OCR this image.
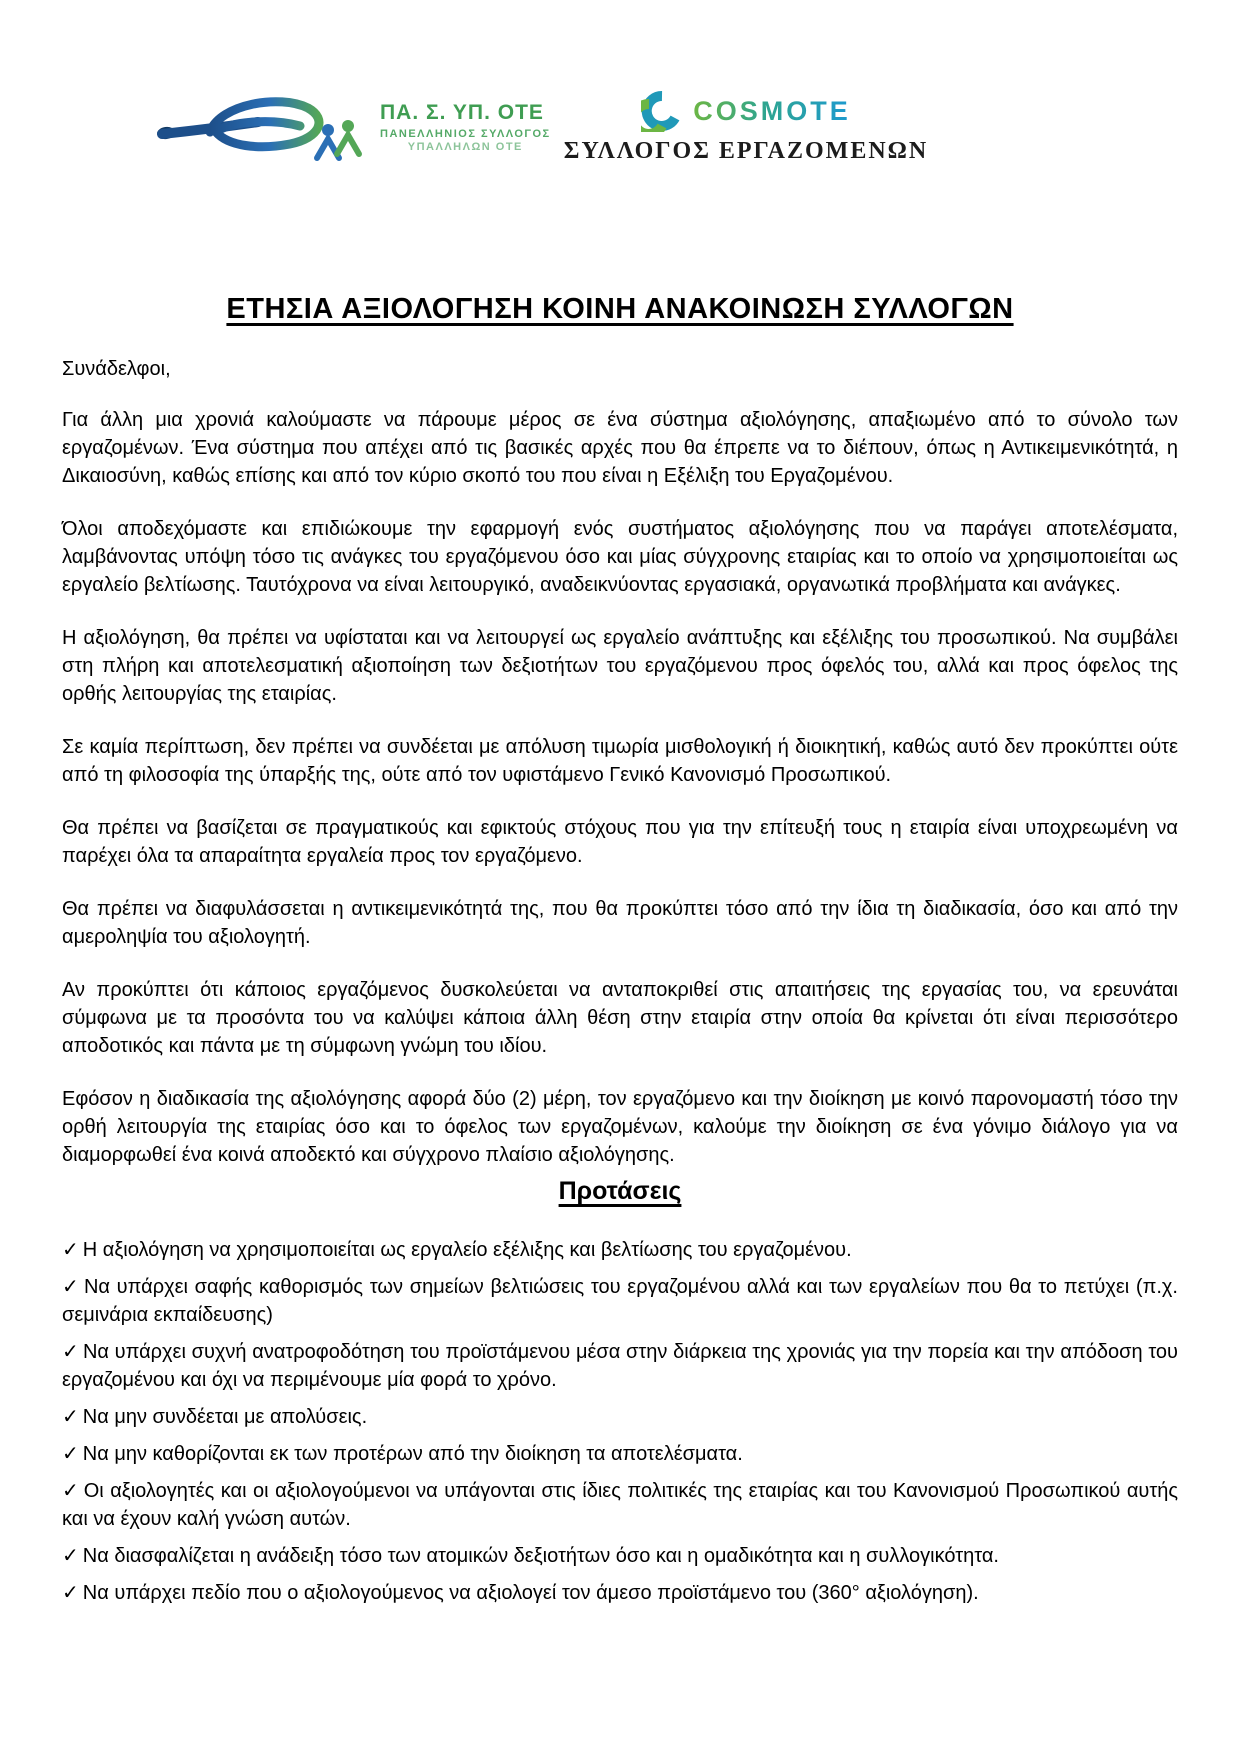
ΠΑ. Σ. ΥΠ. ΟΤΕ
ΠΑΝΕΛΛΗΝΙΟΣ ΣΥΛΛΟΓΟΣ
ΥΠΑΛΛΗΛΩΝ ΟΤΕ
COSMOTE
ΣΥΛΛΟΓΟΣ ΕΡΓΑΖΟΜΕΝΩΝ
ΕΤΗΣΙΑ ΑΞΙΟΛΟΓΗΣΗ ΚΟΙΝΗ ΑΝΑΚΟΙΝΩΣΗ ΣΥΛΛΟΓΩΝ

Συνάδελφοι,

Για άλλη μια χρονιά καλούμαστε να πάρουμε μέρος σε ένα σύστημα αξιολόγησης, απαξιωμένο από το σύνολο των εργαζομένων. Ένα σύστημα που απέχει από τις βασικές αρχές που θα έπρεπε να το διέπουν, όπως η Αντικειμενικότητά, η Δικαιοσύνη, καθώς επίσης και από τον κύριο σκοπό του που είναι η Εξέλιξη του Εργαζομένου.

Όλοι αποδεχόμαστε και επιδιώκουμε την εφαρμογή ενός συστήματος αξιολόγησης που να παράγει αποτελέσματα, λαμβάνοντας υπόψη τόσο τις ανάγκες του εργαζόμενου όσο και μίας σύγχρονης εταιρίας και το οποίο να χρησιμοποιείται ως εργαλείο βελτίωσης. Ταυτόχρονα να είναι λειτουργικό, αναδεικνύοντας εργασιακά, οργανωτικά προβλήματα και ανάγκες.

Η αξιολόγηση, θα πρέπει να υφίσταται και να λειτουργεί ως εργαλείο ανάπτυξης και εξέλιξης του προσωπικού. Να συμβάλει στη πλήρη και αποτελεσματική αξιοποίηση των δεξιοτήτων του εργαζόμενου προς όφελός του, αλλά και προς όφελος της ορθής λειτουργίας της εταιρίας.

Σε καμία περίπτωση, δεν πρέπει να συνδέεται με απόλυση τιμωρία μισθολογική ή διοικητική, καθώς αυτό δεν προκύπτει ούτε από τη φιλοσοφία της ύπαρξής της, ούτε από τον υφιστάμενο Γενικό Κανονισμό Προσωπικού.

Θα πρέπει να βασίζεται σε πραγματικούς και εφικτούς στόχους που για την επίτευξή τους η εταιρία είναι υποχρεωμένη να παρέχει όλα τα απαραίτητα εργαλεία προς τον εργαζόμενο.

Θα πρέπει να διαφυλάσσεται η αντικειμενικότητά της, που θα προκύπτει τόσο από την ίδια τη διαδικασία, όσο και από την αμεροληψία του αξιολογητή.

Αν προκύπτει ότι κάποιος εργαζόμενος δυσκολεύεται να ανταποκριθεί στις απαιτήσεις της εργασίας του, να ερευνάται σύμφωνα με τα προσόντα του να καλύψει κάποια άλλη θέση στην εταιρία στην οποία θα κρίνεται ότι είναι περισσότερο αποδοτικός και πάντα με τη σύμφωνη γνώμη του ιδίου.

Εφόσον η διαδικασία της αξιολόγησης αφορά δύο (2) μέρη, τον εργαζόμενο και την διοίκηση με κοινό παρονομαστή τόσο την ορθή λειτουργία της εταιρίας όσο και το όφελος των εργαζομένων, καλούμε την διοίκηση σε ένα γόνιμο διάλογο για να διαμορφωθεί ένα κοινά αποδεκτό και σύγχρονο πλαίσιο αξιολόγησης.

Προτάσεις
✓ Η αξιολόγηση να χρησιμοποιείται ως εργαλείο εξέλιξης και βελτίωσης του εργαζομένου.
✓ Να υπάρχει σαφής καθορισμός των σημείων βελτιώσεις του εργαζομένου αλλά και των εργαλείων που θα το πετύχει (π.χ. σεμινάρια εκπαίδευσης)
✓ Να υπάρχει συχνή ανατροφοδότηση του προϊστάμενου μέσα στην διάρκεια της χρονιάς για την πορεία και την απόδοση του εργαζομένου και όχι να περιμένουμε μία φορά το χρόνο.
✓ Να μην συνδέεται με απολύσεις.
✓ Να μην καθορίζονται εκ των προτέρων από την διοίκηση τα αποτελέσματα.
✓ Οι αξιολογητές και οι αξιολογούμενοι να υπάγονται στις ίδιες πολιτικές της εταιρίας και του Κανονισμού Προσωπικού αυτής και να έχουν καλή γνώση αυτών.
✓ Να διασφαλίζεται η ανάδειξη τόσο των ατομικών δεξιοτήτων όσο και η ομαδικότητα και η συλλογικότητα.
✓ Να υπάρχει πεδίο που ο αξιολογούμενος να αξιολογεί τον άμεσο προϊστάμενο του (360° αξιολόγηση).
